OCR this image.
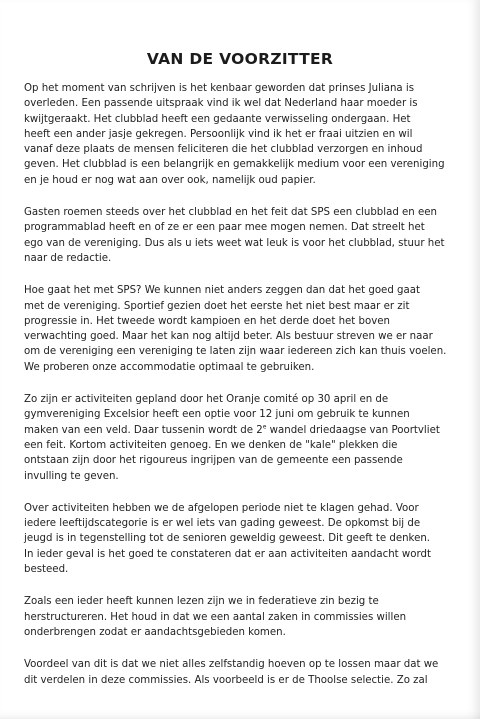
VAN DE VOORZITTER
Op het moment van schrijven is het kenbaar geworden dat prinses Juliana is
overleden. Een passende uitspraak vind ik wel dat Nederland haar moeder is
kwijtgeraakt. Het clubblad heeft een gedaante verwisseling ondergaan. Het
heeft een ander jasje gekregen. Persoonlijk vind ik het er fraai uitzien en wil
vanaf deze plaats de mensen feliciteren die het clubblad verzorgen en inhoud
geven. Het clubblad is een belangrijk en gemakkelijk medium voor een vereniging
en je houd er nog wat aan over ook, namelijk oud papier.
Gasten roemen steeds over het clubblad en het feit dat SPS een clubblad en een
programmablad heeft en of ze er een paar mee mogen nemen. Dat streelt het
ego van de vereniging. Dus als u iets weet wat leuk is voor het clubblad, stuur het
naar de redactie.
Hoe gaat het met SPS? We kunnen niet anders zeggen dan dat het goed gaat
met de vereniging. Sportief gezien doet het eerste het niet best maar er zit
progressie in. Het tweede wordt kampioen en het derde doet het boven
verwachting goed. Maar het kan nog altijd beter. Als bestuur streven we er naar
om de vereniging een vereniging te laten zijn waar iedereen zich kan thuis voelen.
We proberen onze accommodatie optimaal te gebruiken.
Zo zijn er activiteiten gepland door het Oranje comité op 30 april en de
gymvereniging Excelsior heeft een optie voor 12 juni om gebruik te kunnen
maken van een veld. Daar tussenin wordt de 2e wandel driedaagse van Poortvliet
een feit. Kortom activiteiten genoeg. En we denken de "kale" plekken die
ontstaan zijn door het rigoureus ingrijpen van de gemeente een passende
invulling te geven.
Over activiteiten hebben we de afgelopen periode niet te klagen gehad. Voor
iedere leeftijdscategorie is er wel iets van gading geweest. De opkomst bij de
jeugd is in tegenstelling tot de senioren geweldig geweest. Dit geeft te denken.
In ieder geval is het goed te constateren dat er aan activiteiten aandacht wordt
besteed.
Zoals een ieder heeft kunnen lezen zijn we in federatieve zin bezig te
herstructureren. Het houd in dat we een aantal zaken in commissies willen
onderbrengen zodat er aandachtsgebieden komen.
Voordeel van dit is dat we niet alles zelfstandig hoeven op te lossen maar dat we
dit verdelen in deze commissies. Als voorbeeld is er de Thoolse selectie. Zo zal
